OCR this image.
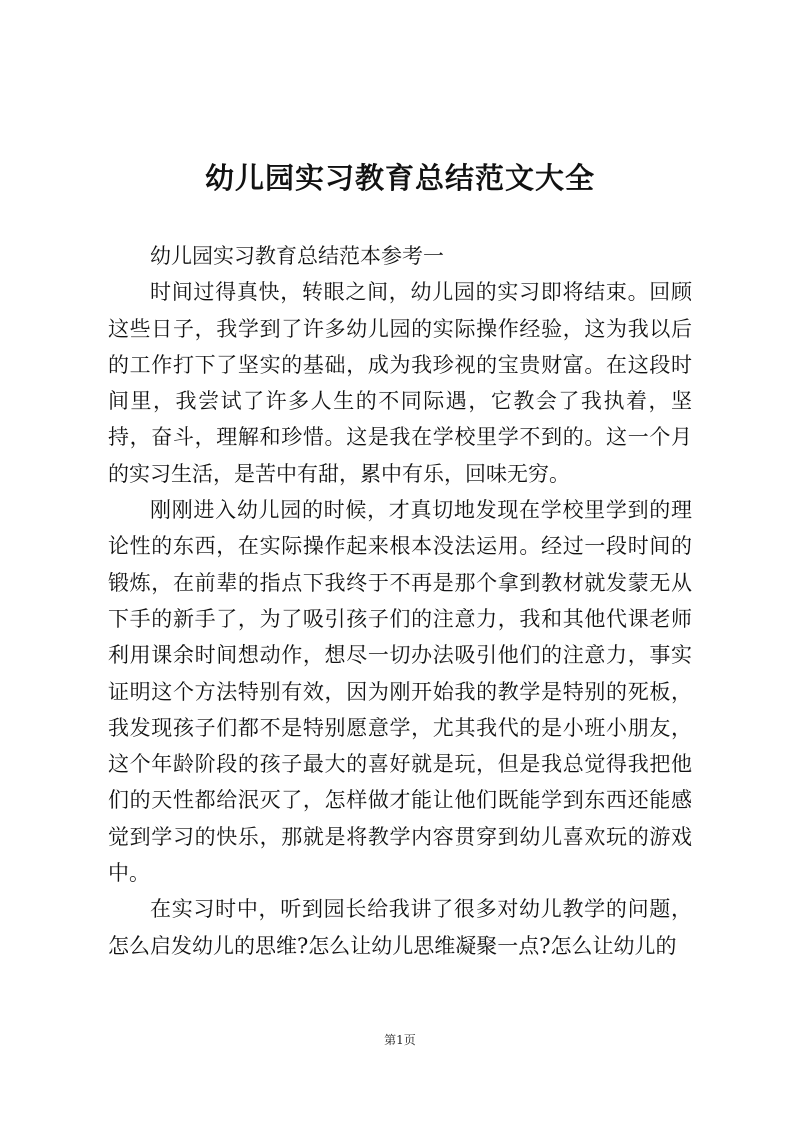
幼儿园实习教育总结范文大全

幼儿园实习教育总结范本参考一

时间过得真快，转眼之间，幼儿园的实习即将结束。回顾这些日子，我学到了许多幼儿园的实际操作经验，这为我以后的工作打下了坚实的基础，成为我珍视的宝贵财富。在这段时间里，我尝试了许多人生的不同际遇，它教会了我执着，坚持，奋斗，理解和珍惜。这是我在学校里学不到的。这一个月的实习生活，是苦中有甜，累中有乐，回味无穷。

刚刚进入幼儿园的时候，才真切地发现在学校里学到的理论性的东西，在实际操作起来根本没法运用。经过一段时间的锻炼，在前辈的指点下我终于不再是那个拿到教材就发蒙无从下手的新手了，为了吸引孩子们的注意力，我和其他代课老师利用课余时间想动作，想尽一切办法吸引他们的注意力，事实证明这个方法特别有效，因为刚开始我的教学是特别的死板，我发现孩子们都不是特别愿意学，尤其我代的是小班小朋友，这个年龄阶段的孩子最大的喜好就是玩，但是我总觉得我把他们的天性都给泯灭了，怎样做才能让他们既能学到东西还能感觉到学习的快乐，那就是将教学内容贯穿到幼儿喜欢玩的游戏中。

在实习时中，听到园长给我讲了很多对幼儿教学的问题，怎么启发幼儿的思维?怎么让幼儿思维凝聚一点?怎么让幼儿的

第1页
